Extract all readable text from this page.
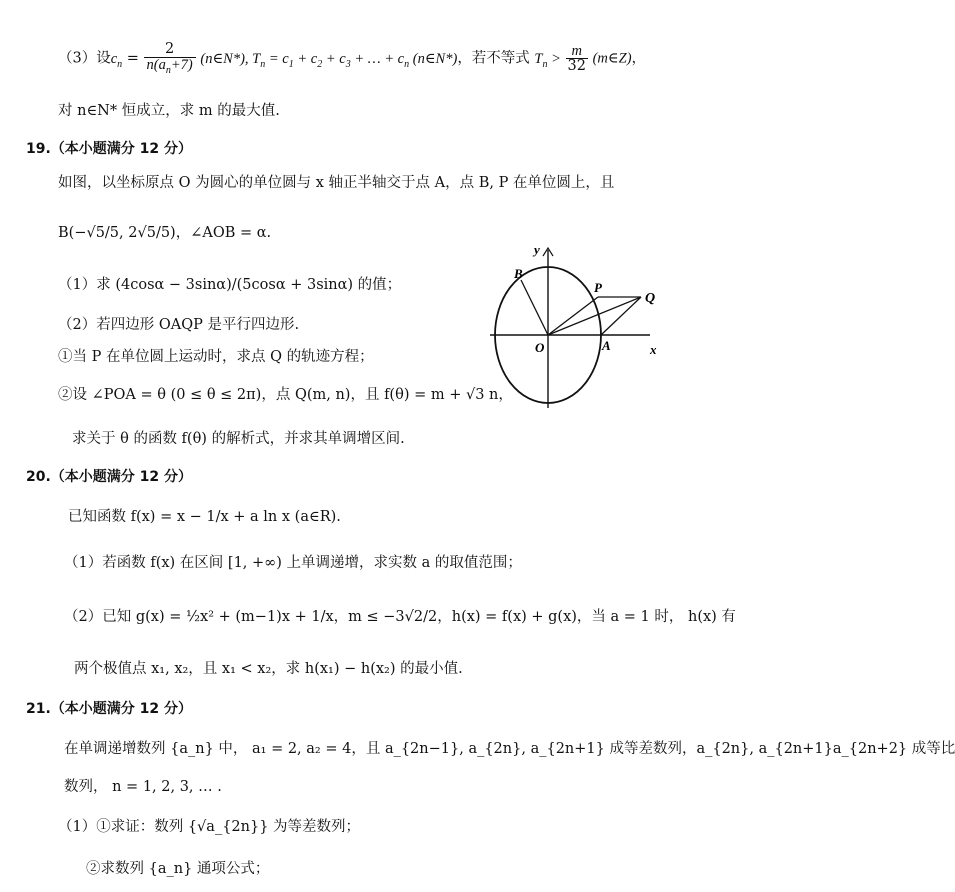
（3）设$c_n = \frac{2}{n(a_n+7)}$ (n∈N*), $T_n = c_1 + c_2 + c_3$ + … + $c_n$ (n∈N*)，若不等式 $T_n > \frac{m}{32}$ (m∈Z)，
对 n∈N* 恒成立，求 m 的最大值.
19.（本小题满分 12 分）
如图，以坐标原点 O 为圆心的单位圆与 x 轴正半轴交于点 A，点 B, P 在单位圆上，且
B(−√5/5, 2√5/5)，∠AOB = α.
（1）求 (4cosα − 3sinα)/(5cosα + 3sinα) 的值；
（2）若四边形 OAQP 是平行四边形.
①当 P 在单位圆上运动时，求点 Q 的轨迹方程；
②设 ∠POA = θ (0 ≤ θ ≤ 2π)，点 Q(m, n)，且 f(θ) = m + √3 n，
求关于 θ 的函数 f(θ) 的解析式，并求其单调增区间.
y
x
O	A
B
P
Q
20.（本小题满分 12 分）
已知函数 f(x) = x − 1/x + a ln x (a∈R).
（1）若函数 f(x) 在区间 [1, +∞) 上单调递增，求实数 a 的取值范围；
（2）已知 g(x) = ½x² + (m−1)x + 1/x，m ≤ −3√2/2，h(x) = f(x) + g(x)，当 a = 1 时， h(x) 有
两个极值点 x₁, x₂，且 x₁ < x₂，求 h(x₁) − h(x₂) 的最小值.
21.（本小题满分 12 分）
在单调递增数列 {a_n} 中， a₁ = 2, a₂ = 4，且 a_{2n−1}, a_{2n}, a_{2n+1} 成等差数列，a_{2n}, a_{2n+1}a_{2n+2} 成等比
数列， n = 1, 2, 3, … .
（1）①求证：数列 {√a_{2n}} 为等差数列；
②求数列 {a_n} 通项公式；
